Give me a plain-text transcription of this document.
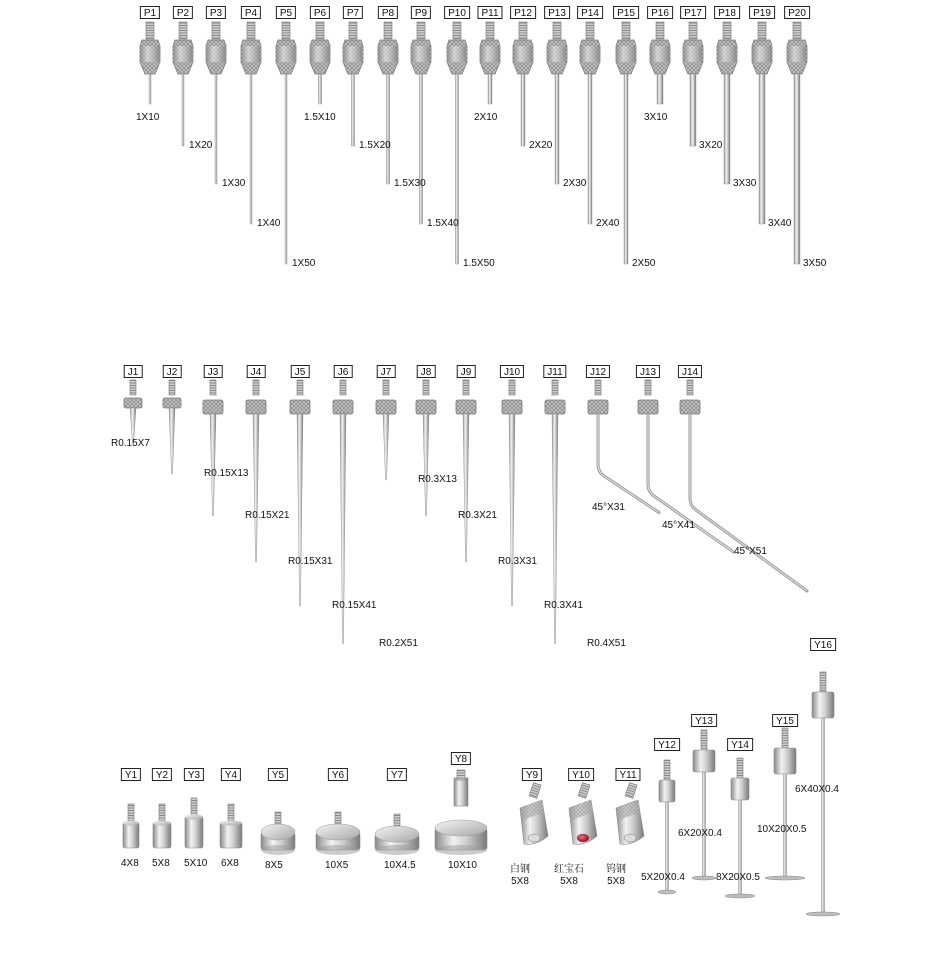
P1
1X10
P2
1X20
P3
1X30
P4
1X40
P5
1X50
P6
1.5X10
P7
1.5X20
P8
1.5X30
P9
1.5X40
P10
1.5X50
P11
2X10
P12
2X20
P13
2X30
P14
2X40
P15
2X50
P16
3X10
P17
3X20
P18
3X30
P19
3X40
P20
3X50
R0.15X7
J1
R0.15X13
J2
R0.15X21
J3
R0.15X31
J4
R0.15X41
J5
R0.2X51
J6
R0.3X13
J7
R0.3X21
J8
R0.3X31
J9
R0.3X41
J10
R0.4X51
J11
45°X31
J12
45°X41
J13
45°X51
J14
4X8
Y1
5X8
Y2
5X10
Y3
6X8
Y4
8X5
Y5
10X5
Y6
10X4.5
Y7
10X10
Y8
白钢
5X8
Y9
红宝石
5X8
Y10
钨钢
5X8
Y11
5X20X0.4
Y12
6X20X0.4
Y13
8X20X0.5
Y14
10X20X0.5
Y15
6X40X0.4
Y16
